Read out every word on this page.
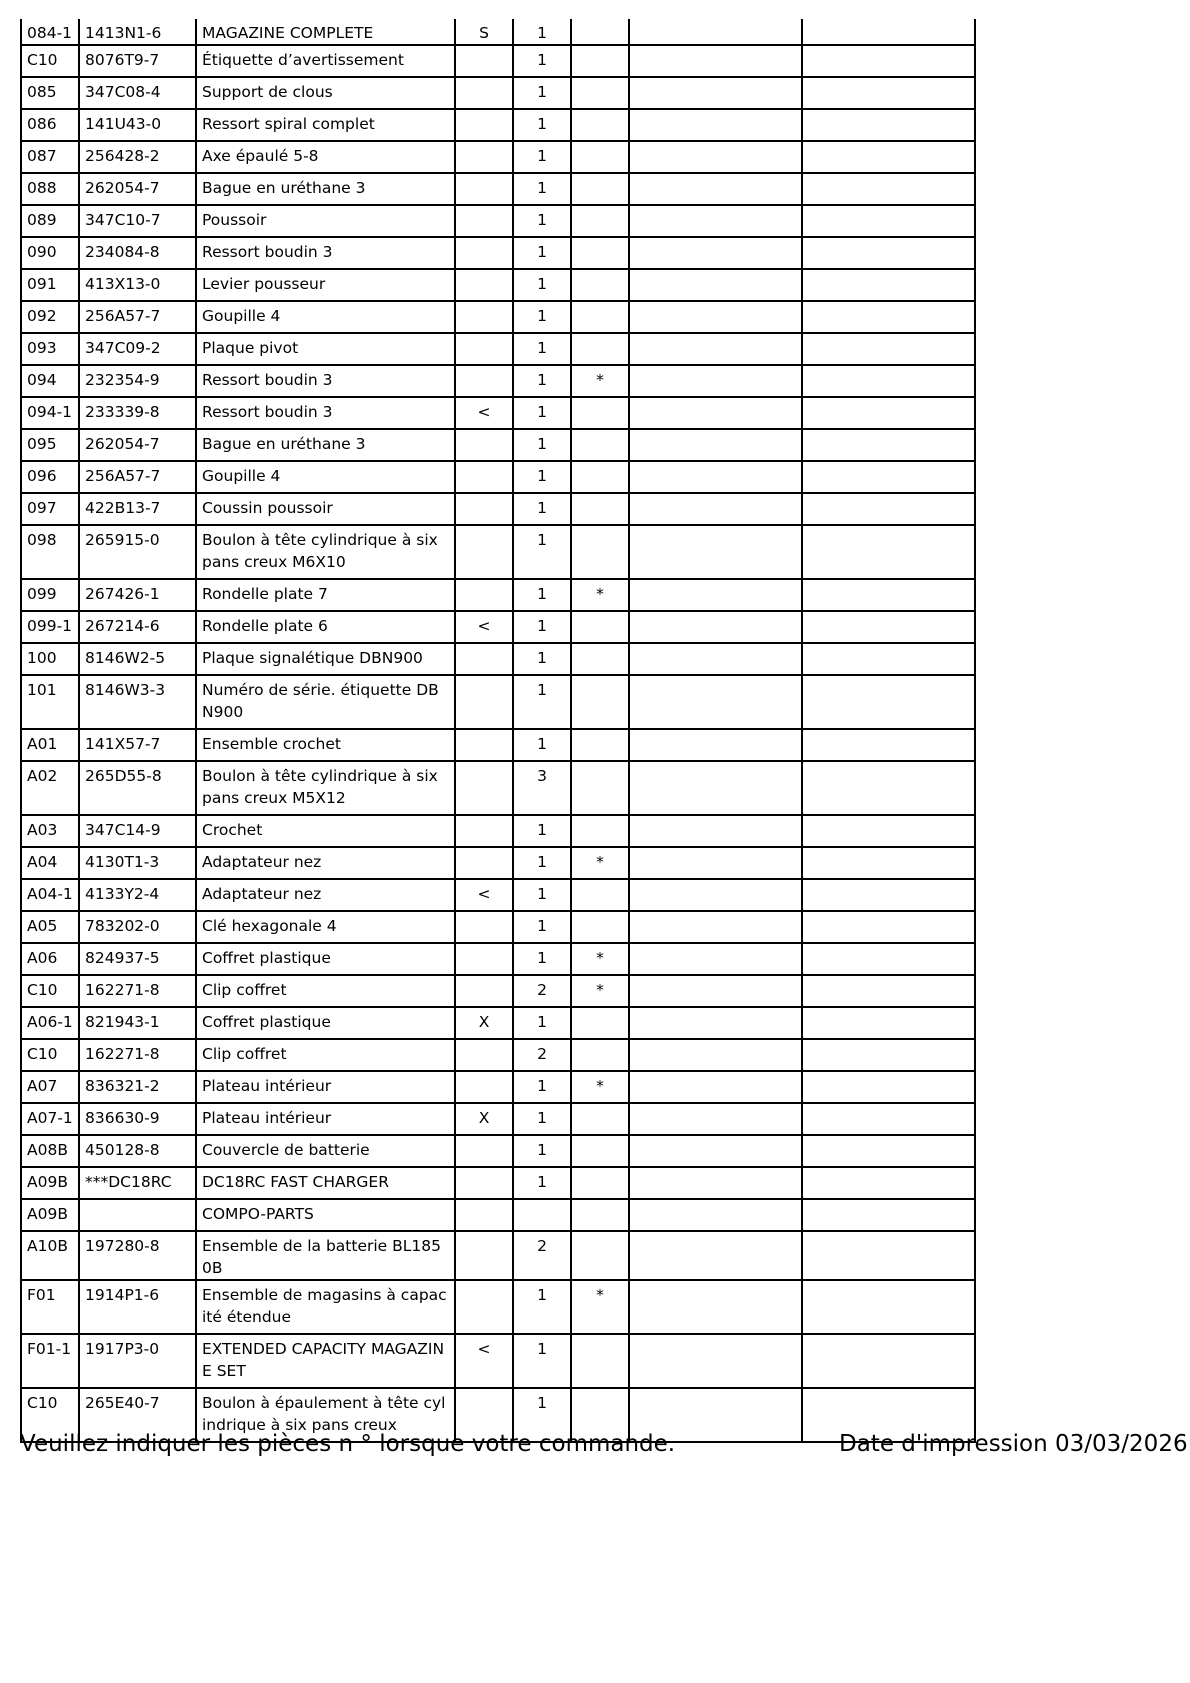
084-1	1413N1-6	MAGAZINE COMPLETE	S	1			
C10	8076T9-7	Étiquette d’avertissement		1			
085	347C08-4	Support de clous		1			
086	141U43-0	Ressort spiral complet		1			
087	256428-2	Axe épaulé 5-8		1			
088	262054-7	Bague en uréthane 3		1			
089	347C10-7	Poussoir		1			
090	234084-8	Ressort boudin 3		1			
091	413X13-0	Levier pousseur		1			
092	256A57-7	Goupille 4		1			
093	347C09-2	Plaque pivot		1			
094	232354-9	Ressort boudin 3		1	*		
094-1	233339-8	Ressort boudin 3	<	1			
095	262054-7	Bague en uréthane 3		1			
096	256A57-7	Goupille 4		1			
097	422B13-7	Coussin poussoir		1			
098	265915-0	Boulon à tête cylindrique à six pans creux M6X10		1			
099	267426-1	Rondelle plate 7		1	*		
099-1	267214-6	Rondelle plate 6	<	1			
100	8146W2-5	Plaque signalétique DBN900		1			
101	8146W3-3	Numéro de série. étiquette DBN900		1			
A01	141X57-7	Ensemble crochet		1			
A02	265D55-8	Boulon à tête cylindrique à six pans creux M5X12		3			
A03	347C14-9	Crochet		1			
A04	4130T1-3	Adaptateur nez		1	*		
A04-1	4133Y2-4	Adaptateur nez	<	1			
A05	783202-0	Clé hexagonale 4		1			
A06	824937-5	Coffret plastique		1	*		
C10	162271-8	Clip coffret		2	*		
A06-1	821943-1	Coffret plastique	X	1			
C10	162271-8	Clip coffret		2			
A07	836321-2	Plateau intérieur		1	*		
A07-1	836630-9	Plateau intérieur	X	1			
A08B	450128-8	Couvercle de batterie		1			
A09B	***DC18RC	DC18RC FAST CHARGER		1			
A09B		COMPO-PARTS					
A10B	197280-8	Ensemble de la batterie BL1850B		2			
F01	1914P1-6	Ensemble de magasins à capacité étendue		1	*		
F01-1	1917P3-0	EXTENDED CAPACITY MAGAZINE SET	<	1			
C10	265E40-7	Boulon à épaulement à tête cylindrique à six pans creux		1			

Veuillez indiquer les pièces n ° lorsque votre commande.	Date d'impression 03/03/2026
